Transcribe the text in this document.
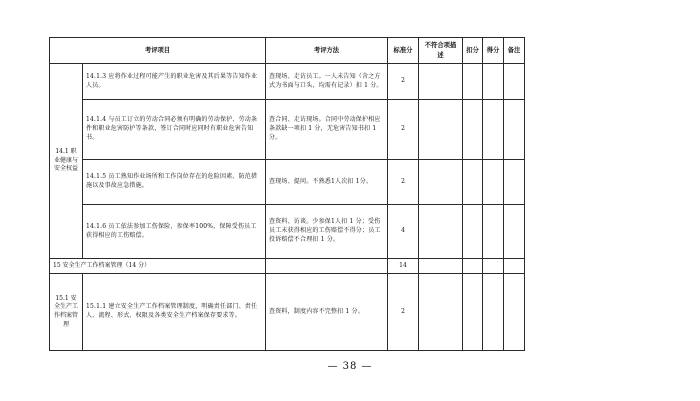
考评项目		考评方法	标准分	不符合项描述	扣分	得分	备注
14.1 职业健康与安全权益	14.1.3 应将作业过程可能产生的职业危害及其后果等告知作业人员。	查现场、走访员工。一人未告知（含之方式为书面与口头，均需有记录）扣 1 分。	2				
	14.1.4 与员工订立的劳动合同必须有明确的劳动保护、劳动条件和职业危害防护等条款，签订合同时应同时有职业危害告知书。	查合同、走访现场。合同中劳动保护相应条款缺一项扣 1 分，无危害告知书扣 1 分。	2				
	14.1.5 员工熟知作业场所和工作岗位存在的危险因素、防范措施以及事故应急措施。	查现场、提问。不熟悉1人次扣 1分。	2				
	14.1.6 员工依法参加工伤保险，参保率100%，保障受伤员工获得相应的工伤赔偿。	查资料、访谈。少参保1人扣 1 分；受伤员工未获得相应的工伤赔偿不得分；员工投诉赔偿不合理扣 1 分。	4				
15 安全生产工作档案管理（14 分）			14				
15.1 安全生产工作档案管理	15.1.1 建立安全生产工作档案管理制度，明确责任部门、责任人、流程、形式、权限及各类安全生产档案保存要求等。	查资料，制度内容不完整扣 1 分。	2				
— 38 —
